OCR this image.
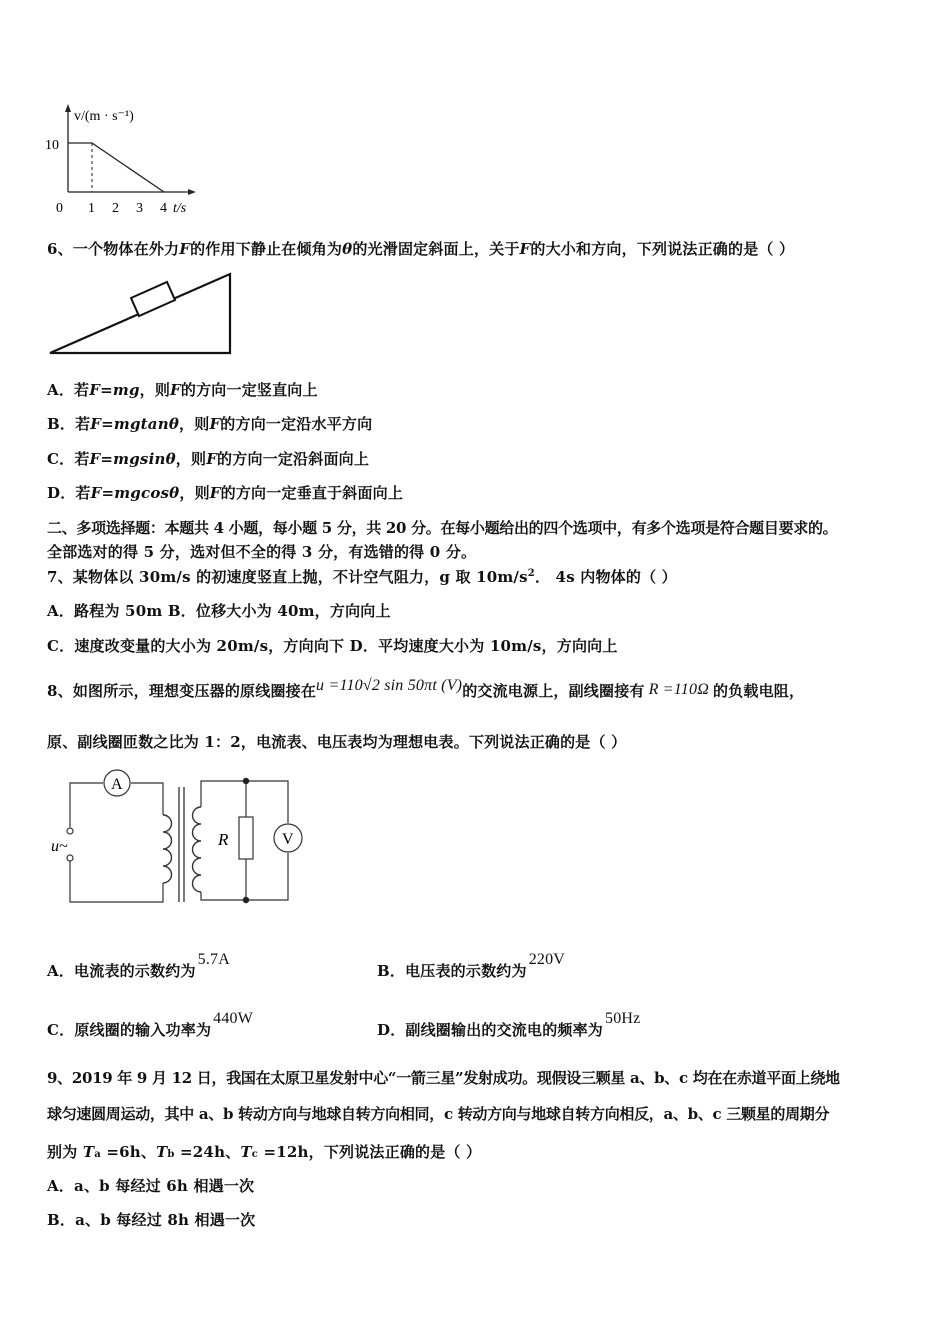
v/(m · s⁻¹)
10
0 1 2 3 4 t/s
6、一个物体在外力F的作用下静止在倾角为θ的光滑固定斜面上，关于F的大小和方向，下列说法正确的是（ ）
A．若F=mg，则F的方向一定竖直向上
B．若F=mgtanθ，则F的方向一定沿水平方向
C．若F=mgsinθ，则F的方向一定沿斜面向上
D．若F=mgcosθ，则F的方向一定垂直于斜面向上
二、多项选择题：本题共 4 小题，每小题 5 分，共 20 分。在每小题给出的四个选项中，有多个选项是符合题目要求的。
全部选对的得 5 分，选对但不全的得 3 分，有选错的得 0 分。
7、某物体以 30m/s 的初速度竖直上抛，不计空气阻力，g 取 $10m/s^2$． 4s 内物体的（ ）
A．路程为 50m B．位移大小为 40m，方向向上
C．速度改变量的大小为 20m/s，方向向下 D．平均速度大小为 10m/s，方向向上
8、如图所示，理想变压器的原线圈接在u =110√2 sin 50πt (V)的交流电源上，副线圈接有 R =110Ω 的负载电阻，
原、副线圈匝数之比为 1：2，电流表、电压表均为理想电表。下列说法正确的是（ ）
A
u~	R	V
A．电流表的示数约为5.7A
B．电压表的示数约为220V
C．原线圈的输入功率为440W
D．副线圈输出的交流电的频率为50Hz
9、2019 年 9 月 12 日，我国在太原卫星发射中心“一箭三星”发射成功。现假设三颗星 a、b、c 均在在赤道平面上绕地
球匀速圆周运动，其中 a、b 转动方向与地球自转方向相同，c 转动方向与地球自转方向相反，a、b、c 三颗星的周期分
别为 Ta =6h、Tb =24h、Tc =12h，下列说法正确的是（ ）
A．a、b 每经过 6h 相遇一次
B．a、b 每经过 8h 相遇一次
